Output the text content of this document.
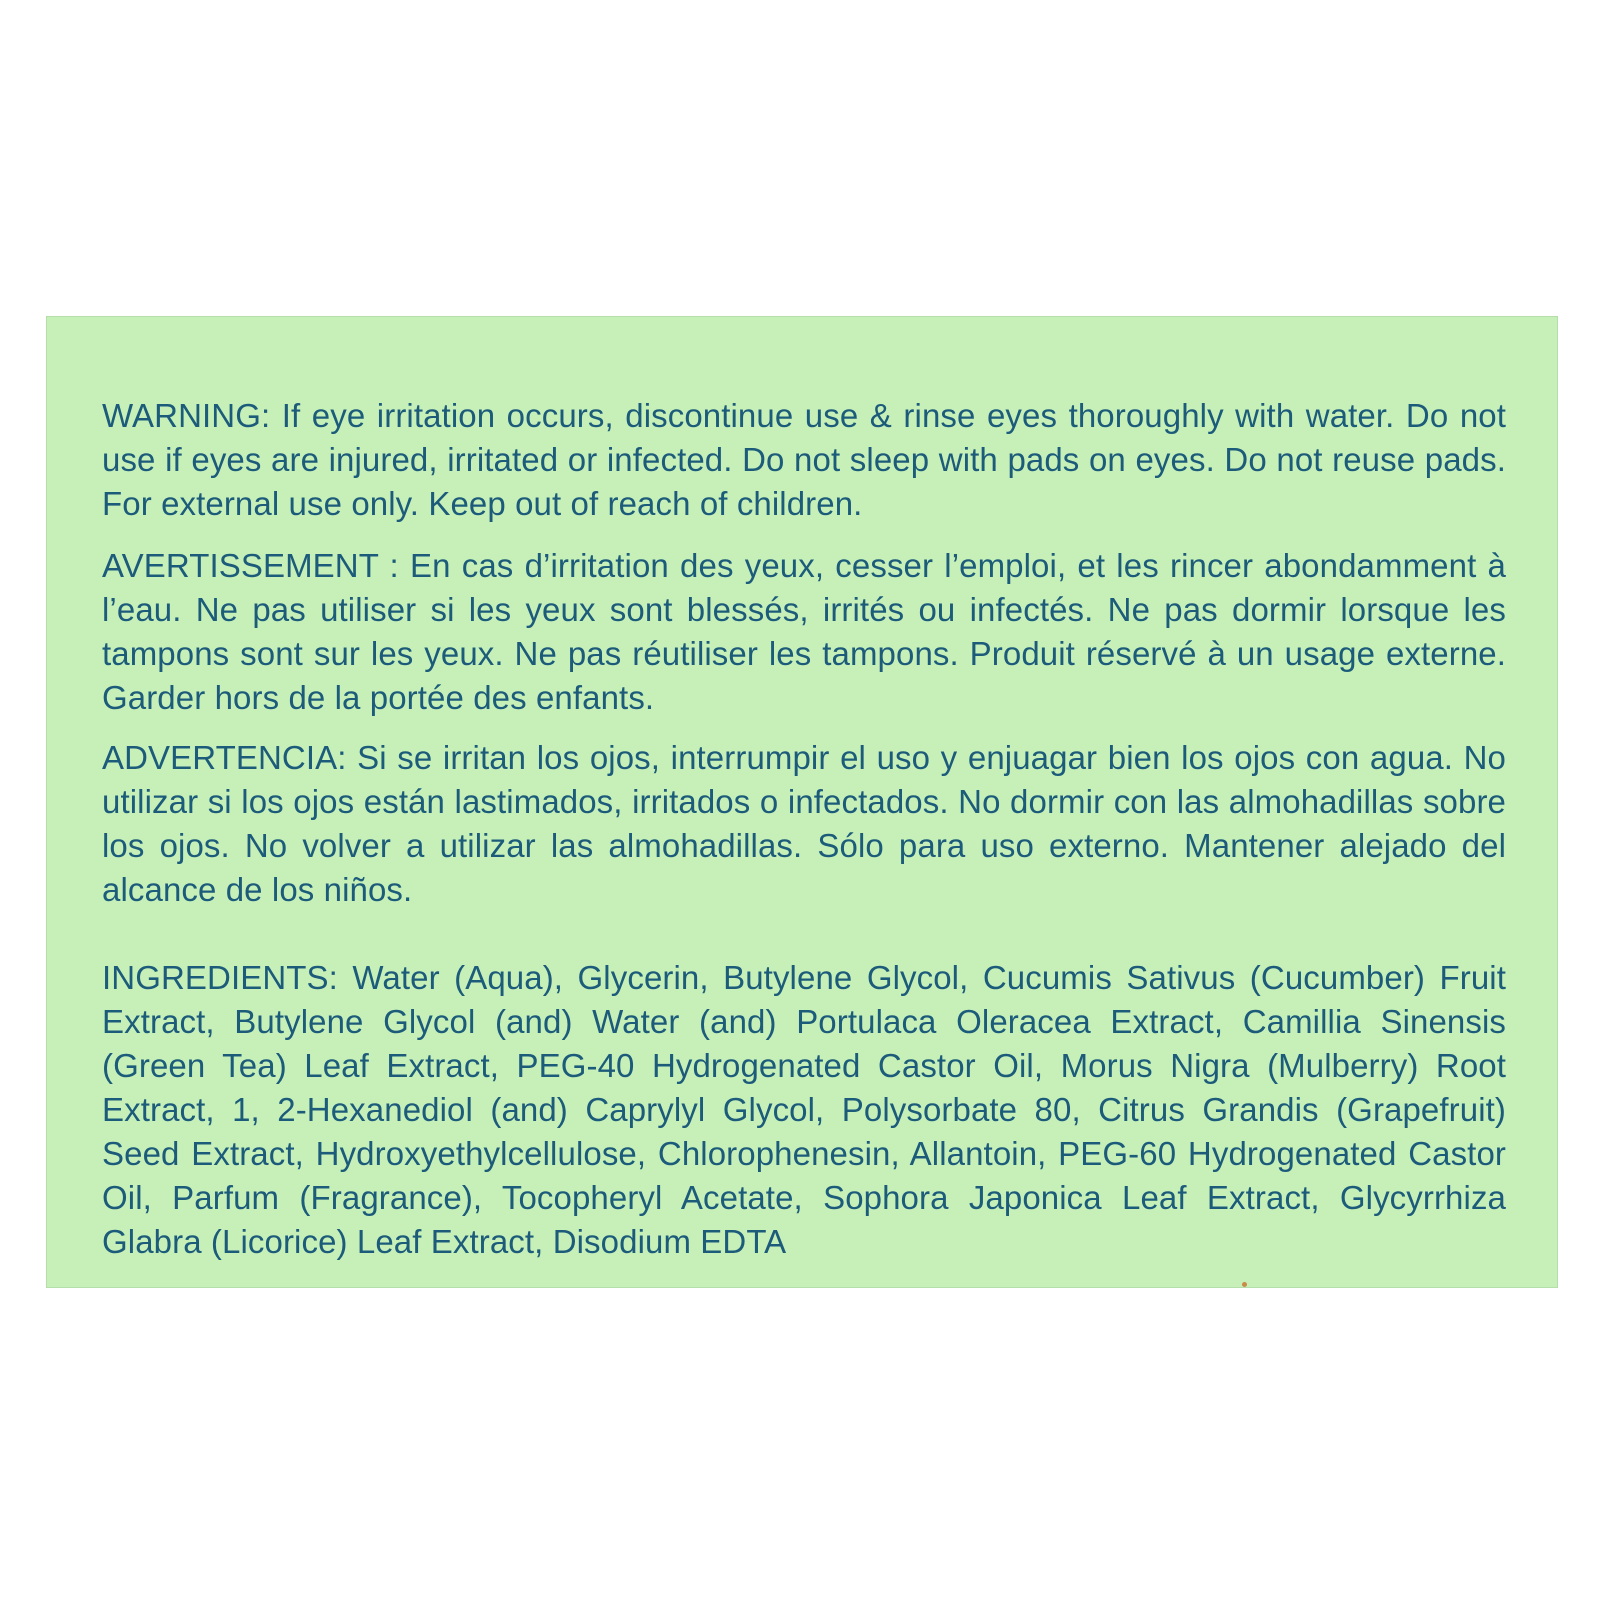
WARNING: If eye irritation occurs, discontinue use & rinse eyes thoroughly with water. Do not use if eyes are injured, irritated or infected. Do not sleep with pads on eyes. Do not reuse pads. For external use only. Keep out of reach of children.

AVERTISSEMENT : En cas d’irritation des yeux, cesser l’emploi, et les rincer abondamment à l’eau. Ne pas utiliser si les yeux sont blessés, irrités ou infectés. Ne pas dormir lorsque les tampons sont sur les yeux. Ne pas réutiliser les tampons. Produit réservé à un usage externe. Garder hors de la portée des enfants.

ADVERTENCIA: Si se irritan los ojos, interrumpir el uso y enjuagar bien los ojos con agua. No utilizar si los ojos están lastimados, irritados o infectados. No dormir con las almohadillas sobre los ojos. No volver a utilizar las almohadillas. Sólo para uso externo. Mantener alejado del alcance de los niños.

INGREDIENTS: Water (Aqua), Glycerin, Butylene Glycol, Cucumis Sativus (Cucumber) Fruit Extract, Butylene Glycol (and) Water (and) Portulaca Oleracea Extract, Camillia Sinensis (Green Tea) Leaf Extract, PEG-40 Hydrogenated Castor Oil, Morus Nigra (Mulberry) Root Extract, 1, 2-Hexanediol (and) Caprylyl Glycol, Polysorbate 80, Citrus Grandis (Grapefruit) Seed Extract, Hydroxyethylcellulose, Chlorophenesin, Allantoin, PEG-60 Hydrogenated Castor Oil, Parfum (Fragrance), Tocopheryl Acetate, Sophora Japonica Leaf Extract, Glycyrrhiza Glabra (Licorice) Leaf Extract, Disodium EDTA
